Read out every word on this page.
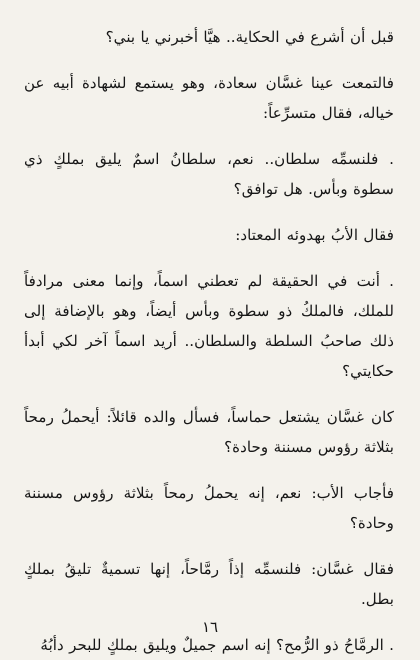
قبل أن أشرع في الحكاية.. هيَّا أخبرني يا بني؟

فالتمعت عينا غسَّان سعادة، وهو يستمع لشهادة أبيه عن خياله، فقال متسرِّعاً:

. فلنسمِّه سلطان.. نعم، سلطانُ اسمٌ يليق بملكٍ ذي سطوة وبأس. هل توافق؟

فقال الأبُ بهدوئه المعتاد:

. أنت في الحقيقة لم تعطني اسماً، وإنما معنى مرادفاً للملك، فالملكُ ذو سطوة وبأس أيضاً، وهو بالإضافة إلى ذلك صاحبُ السلطة والسلطان.. أريد اسماً آخر لكي أبدأ حكايتي؟

كان غسَّان يشتعل حماساً، فسأل والده قائلاً: أيحملُ رمحاً بثلاثة رؤوس مسننة وحادة؟

فأجاب الأب: نعم، إنه يحملُ رمحاً بثلاثة رؤوس مسننة وحادة؟

فقال غسَّان: فلنسمِّه إذاً رمَّاحاً، إنها تسميةٌ تليقُ بملكٍ بطل.

. الرمَّاحُ ذو الرُّمح؟ إنه اسم جميلٌ ويليق بملكٍ للبحر دأبُهُ

١٦
